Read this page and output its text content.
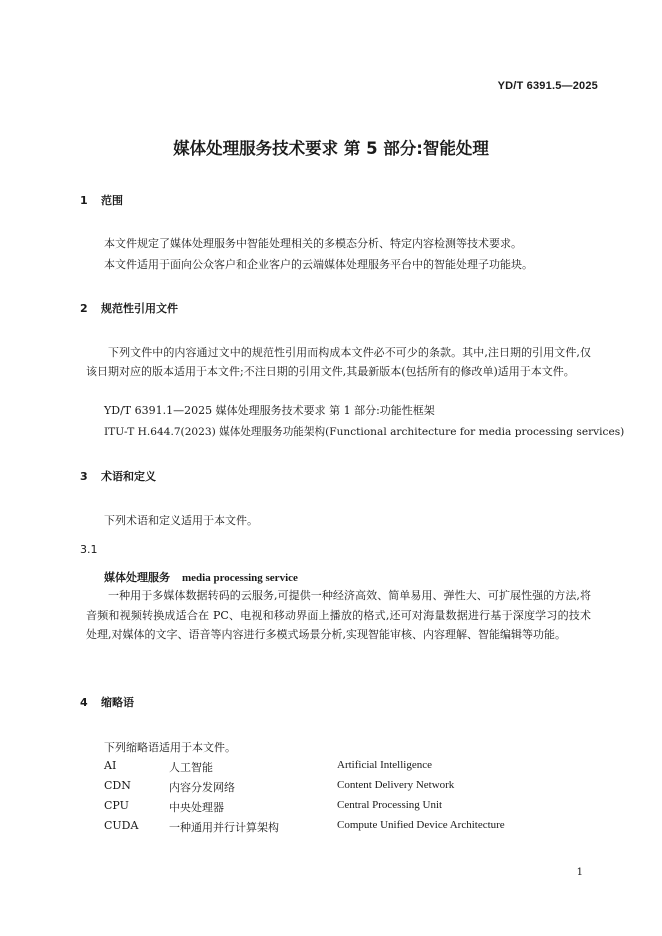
YD/T 6391.5—2025
媒体处理服务技术要求 第 5 部分:智能处理
1 范围
本文件规定了媒体处理服务中智能处理相关的多模态分析、特定内容检测等技术要求。
本文件适用于面向公众客户和企业客户的云端媒体处理服务平台中的智能处理子功能块。
2 规范性引用文件
下列文件中的内容通过文中的规范性引用而构成本文件必不可少的条款。其中,注日期的引用文件,仅该日期对应的版本适用于本文件;不注日期的引用文件,其最新版本(包括所有的修改单)适用于本文件。
YD/T 6391.1—2025 媒体处理服务技术要求 第 1 部分:功能性框架
ITU-T H.644.7(2023) 媒体处理服务功能架构(Functional architecture for media processing services)
3 术语和定义
下列术语和定义适用于本文件。
3.1
媒体处理服务 media processing service
一种用于多媒体数据转码的云服务,可提供一种经济高效、简单易用、弹性大、可扩展性强的方法,将音频和视频转换成适合在 PC、电视和移动界面上播放的格式,还可对海量数据进行基于深度学习的技术处理,对媒体的文字、语音等内容进行多模式场景分析,实现智能审核、内容理解、智能编辑等功能。
4 缩略语
下列缩略语适用于本文件。
AI	人工智能	Artificial Intelligence
CDN	内容分发网络	Content Delivery Network
CPU	中央处理器	Central Processing Unit
CUDA	一种通用并行计算架构	Compute Unified Device Architecture
1
